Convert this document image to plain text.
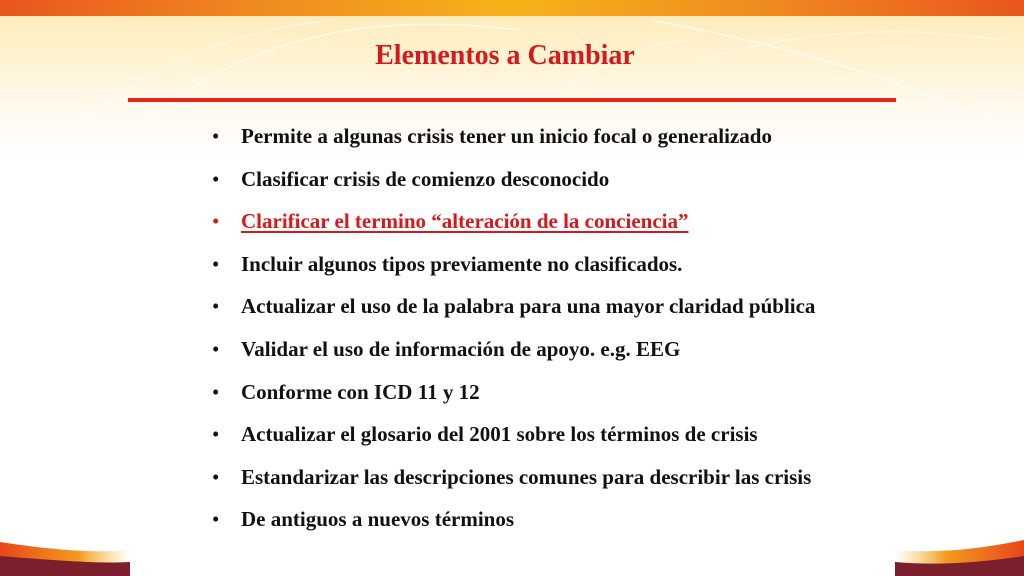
Elementos a Cambiar
• Permite a algunas crisis tener un inicio focal o generalizado
• Clasificar crisis de comienzo desconocido
• Clarificar el termino “alteración de la conciencia”
• Incluir algunos tipos previamente no clasificados.
• Actualizar el uso de la palabra para una mayor claridad pública
• Validar el uso de información de apoyo. e.g. EEG
• Conforme con ICD 11 y 12
• Actualizar el glosario del 2001 sobre los términos de crisis
• Estandarizar las descripciones comunes para describir las crisis
• De antiguos a nuevos términos
